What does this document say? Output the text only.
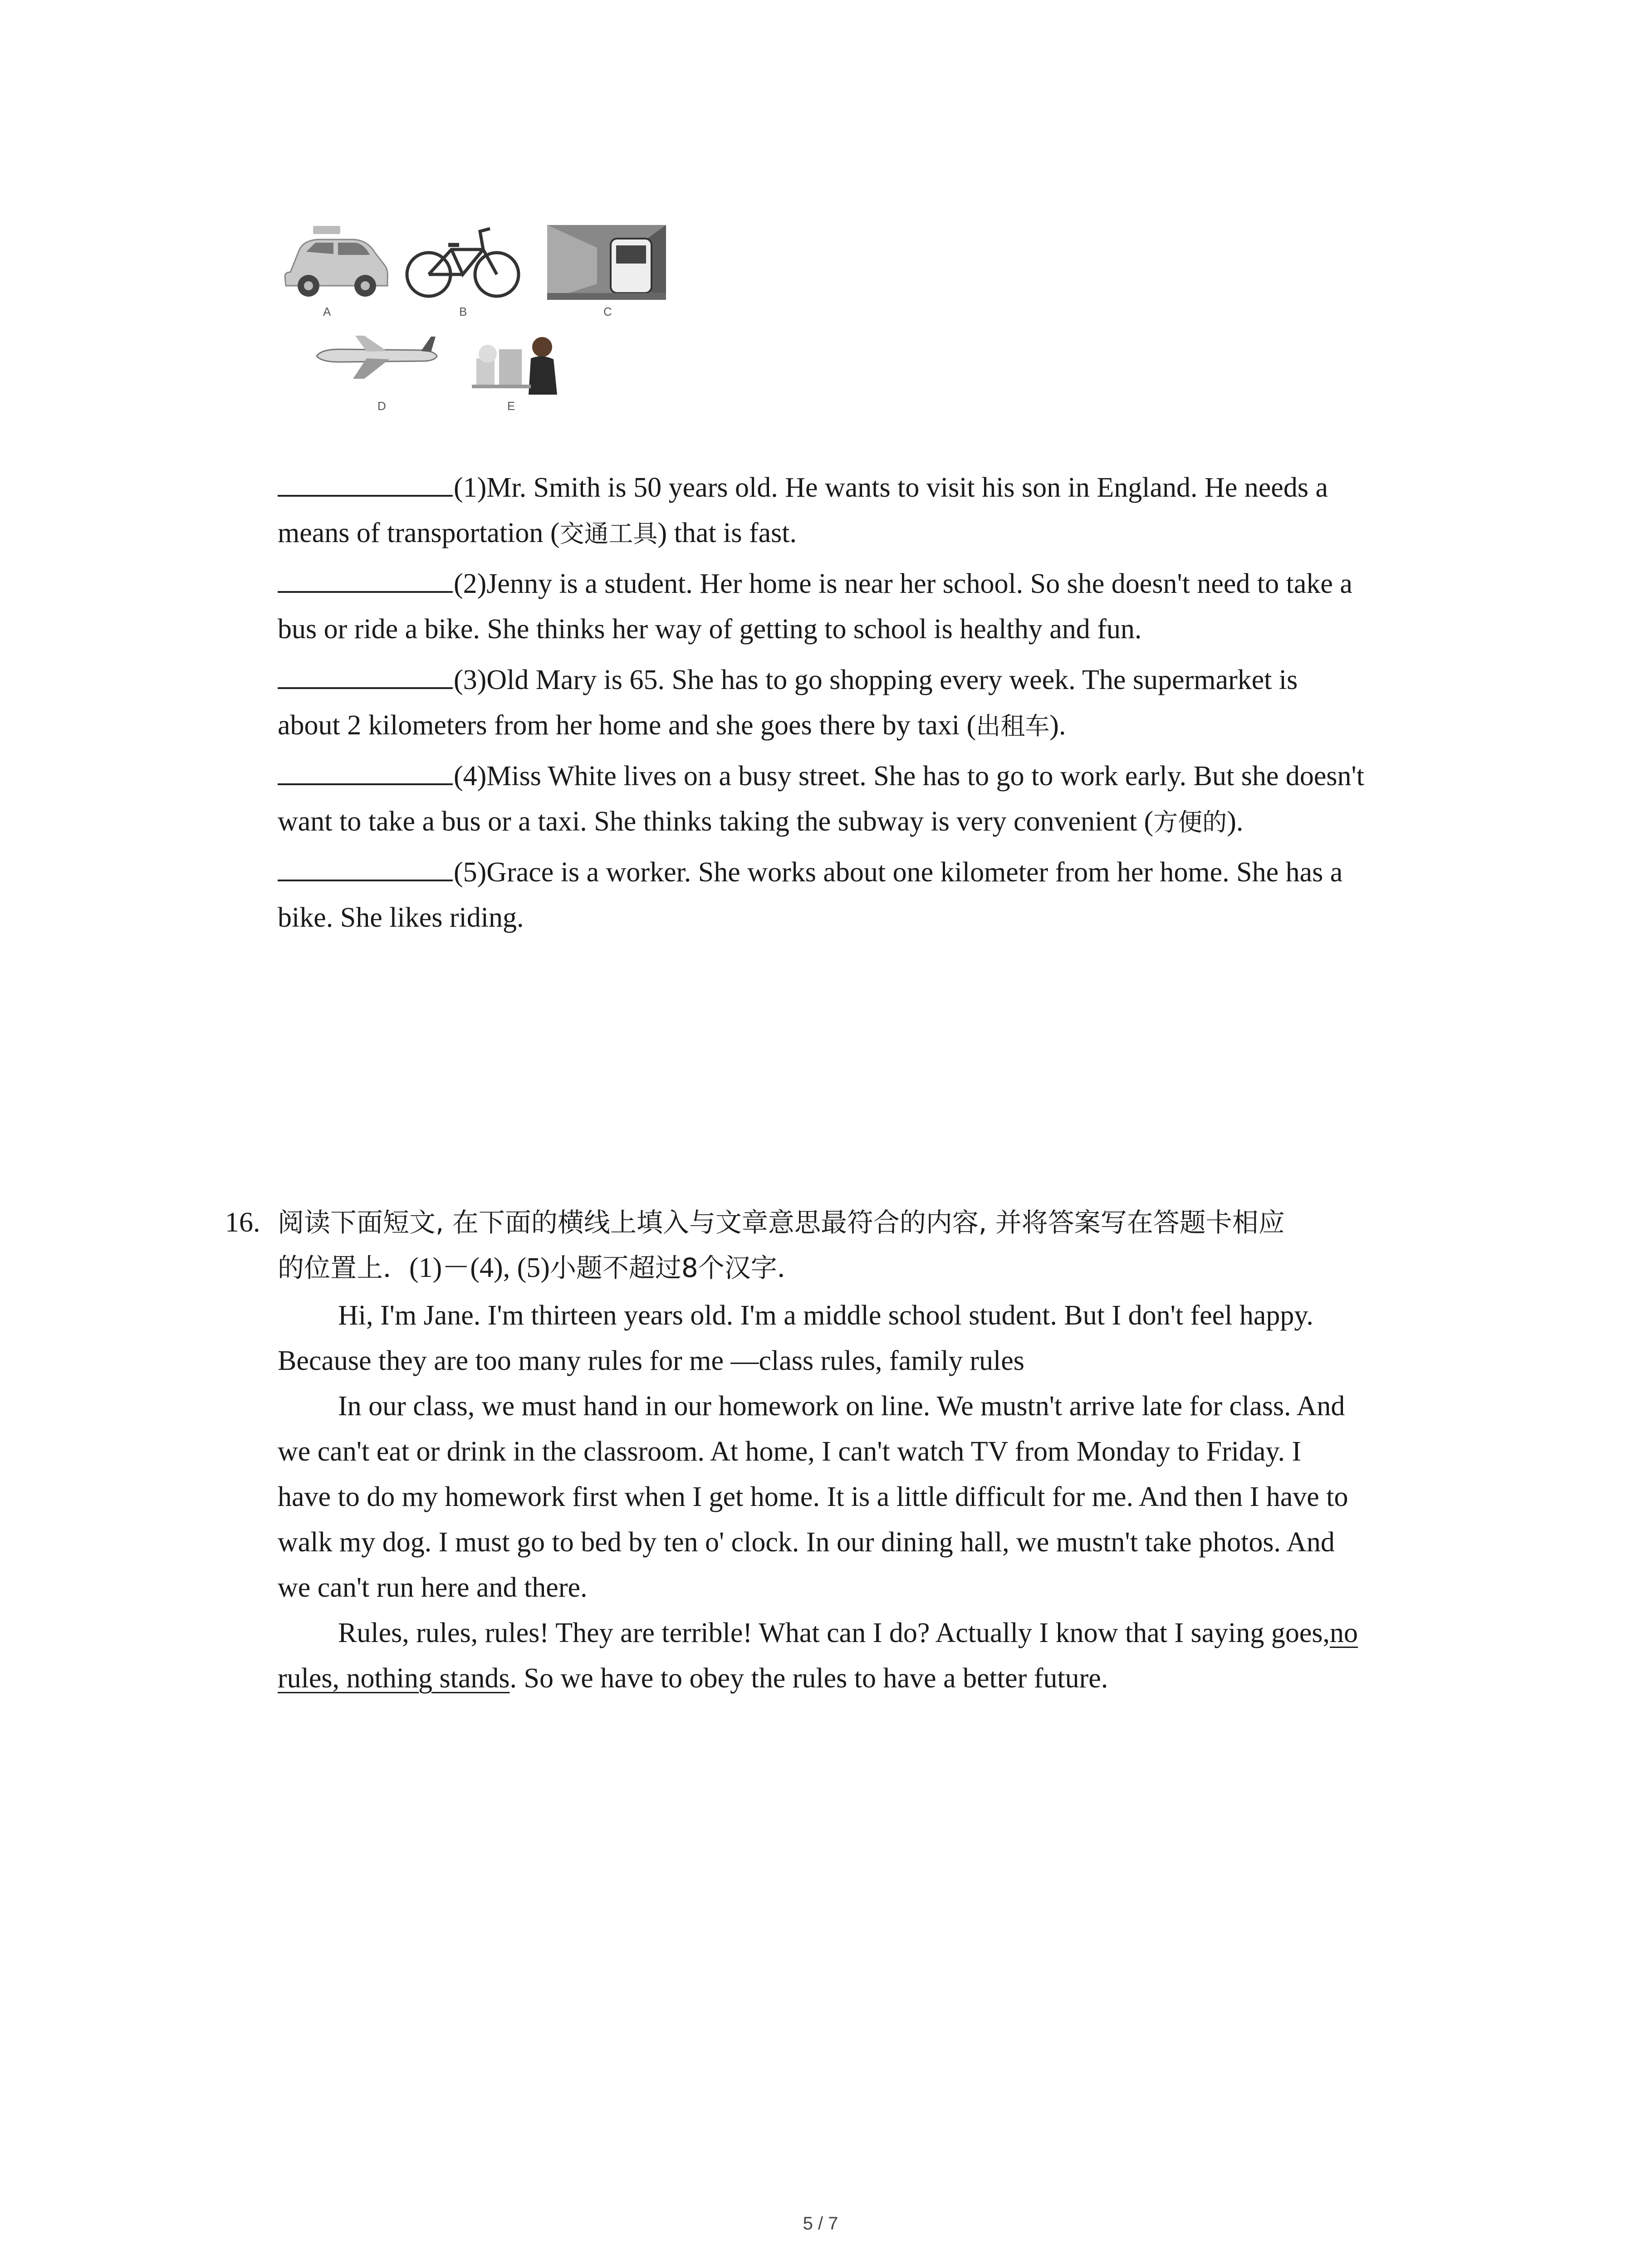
A	B	C
D	E
(1)Mr. Smith is 50 years old. He wants to visit his son in England. He needs a
means of transportation (交通工具) that is fast.
(2)Jenny is a student. Her home is near her school. So she doesn't need to take a
bus or ride a bike. She thinks her way of getting to school is healthy and fun.
(3)Old Mary is 65. She has to go shopping every week. The supermarket is
about 2 kilometers from her home and she goes there by taxi (出租车).
(4)Miss White lives on a busy street. She has to go to work early. But she doesn't
want to take a bus or a taxi. She thinks taking the subway is very convenient (方便的).
(5)Grace is a worker. She works about one kilometer from her home. She has a
bike. She likes riding.
16. 阅读下面短文, 在下面的横线上填入与文章意思最符合的内容, 并将答案写在答题卡相应
的位置上．(1)－(4), (5)小题不超过8个汉字．
Hi, I'm Jane. I'm thirteen years old. I'm a middle school student. But I don't feel happy.
Because they are too many rules for me —class rules, family rules
In our class, we must hand in our homework on line. We mustn't arrive late for class. And
we can't eat or drink in the classroom. At home, I can't watch TV from Monday to Friday. I
have to do my homework first when I get home. It is a little difficult for me. And then I have to
walk my dog. I must go to bed by ten o' clock. In our dining hall, we mustn't take photos. And
we can't run here and there.
Rules, rules, rules! They are terrible! What can I do? Actually I know that I saying goes,no
rules, nothing stands. So we have to obey the rules to have a better future.
5 / 7
